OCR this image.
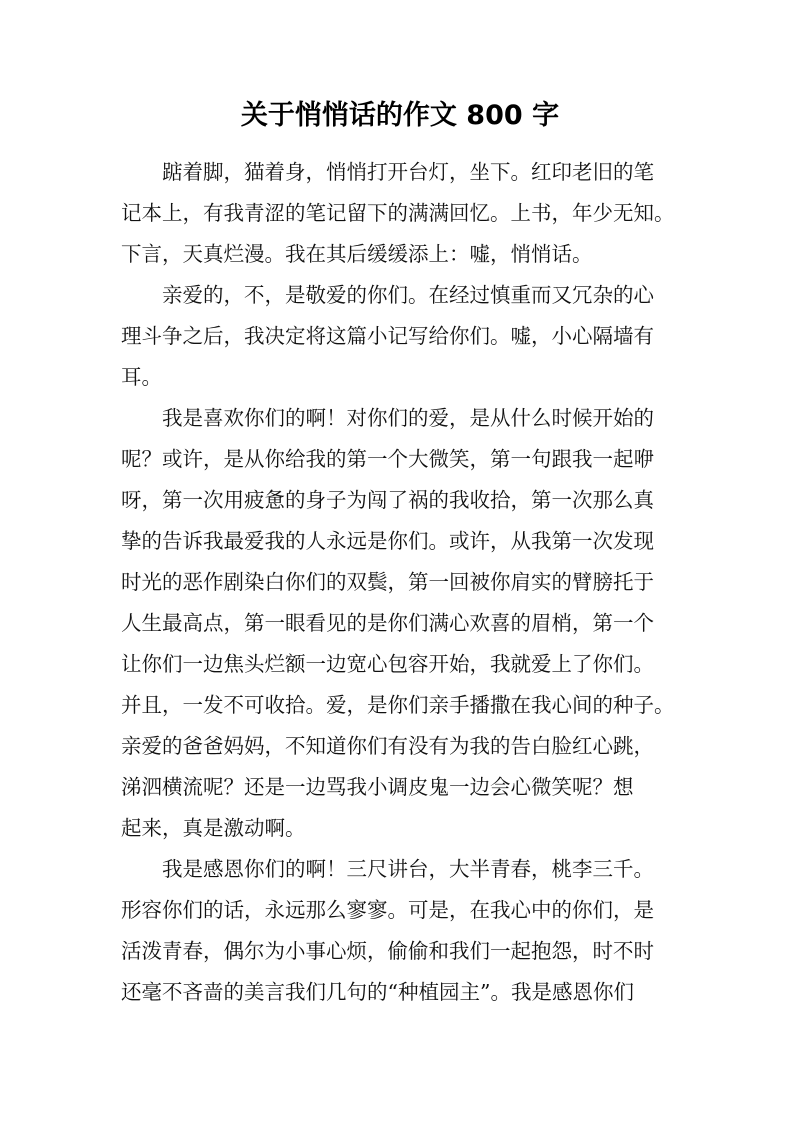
关于悄悄话的作文 800 字
踮着脚，猫着身，悄悄打开台灯，坐下。红印老旧的笔
记本上，有我青涩的笔记留下的满满回忆。上书，年少无知。
下言，天真烂漫。我在其后缓缓添上：嘘，悄悄话。
亲爱的，不，是敬爱的你们。在经过慎重而又冗杂的心
理斗争之后，我决定将这篇小记写给你们。嘘，小心隔墙有
耳。
我是喜欢你们的啊！对你们的爱，是从什么时候开始的
呢？或许，是从你给我的第一个大微笑，第一句跟我一起咿
呀，第一次用疲惫的身子为闯了祸的我收拾，第一次那么真
挚的告诉我最爱我的人永远是你们。或许，从我第一次发现
时光的恶作剧染白你们的双鬓，第一回被你肩实的臂膀托于
人生最高点，第一眼看见的是你们满心欢喜的眉梢，第一个
让你们一边焦头烂额一边宽心包容开始，我就爱上了你们。
并且，一发不可收拾。爱，是你们亲手播撒在我心间的种子。
亲爱的爸爸妈妈，不知道你们有没有为我的告白脸红心跳，
涕泗横流呢？还是一边骂我小调皮鬼一边会心微笑呢？想
起来，真是激动啊。
我是感恩你们的啊！三尺讲台，大半青春，桃李三千。
形容你们的话，永远那么寥寥。可是，在我心中的你们，是
活泼青春，偶尔为小事心烦，偷偷和我们一起抱怨，时不时
还毫不吝啬的美言我们几句的“种植园主”。我是感恩你们
